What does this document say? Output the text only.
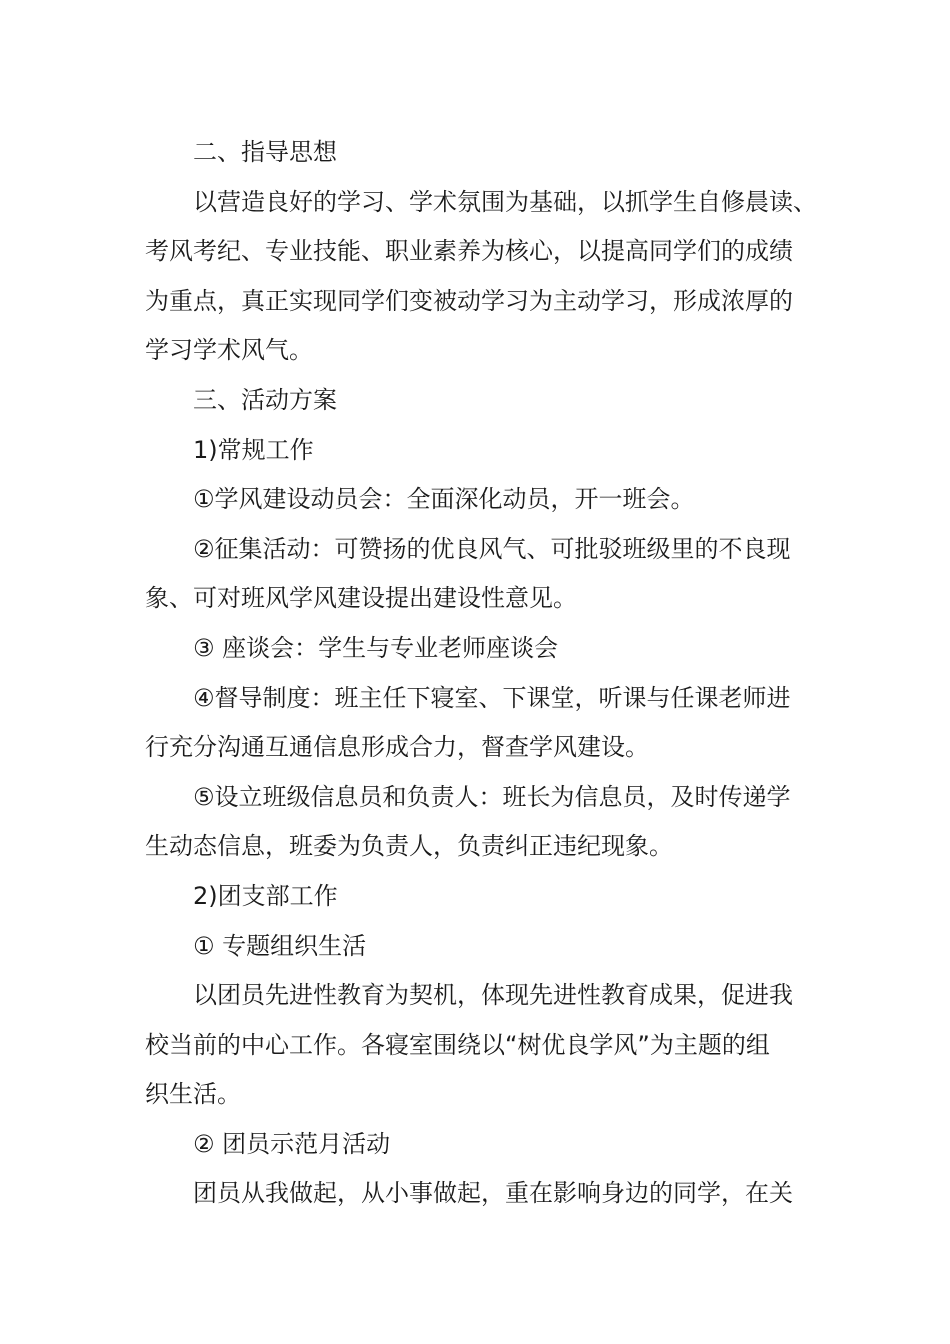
二、指导思想

以营造良好的学习、学术氛围为基础，以抓学生自修晨读、

考风考纪、专业技能、职业素养为核心，以提高同学们的成绩

为重点，真正实现同学们变被动学习为主动学习，形成浓厚的

学习学术风气。

三、活动方案

1)常规工作

①学风建设动员会：全面深化动员，开一班会。

②征集活动：可赞扬的优良风气、可批驳班级里的不良现

象、可对班风学风建设提出建设性意见。

③ 座谈会：学生与专业老师座谈会

④督导制度：班主任下寝室、下课堂，听课与任课老师进

行充分沟通互通信息形成合力，督查学风建设。

⑤设立班级信息员和负责人：班长为信息员，及时传递学

生动态信息，班委为负责人，负责纠正违纪现象。

2)团支部工作

① 专题组织生活

以团员先进性教育为契机，体现先进性教育成果，促进我

校当前的中心工作。各寝室围绕以“树优良学风”为主题的组

织生活。

② 团员示范月活动

团员从我做起，从小事做起，重在影响身边的同学，在关
